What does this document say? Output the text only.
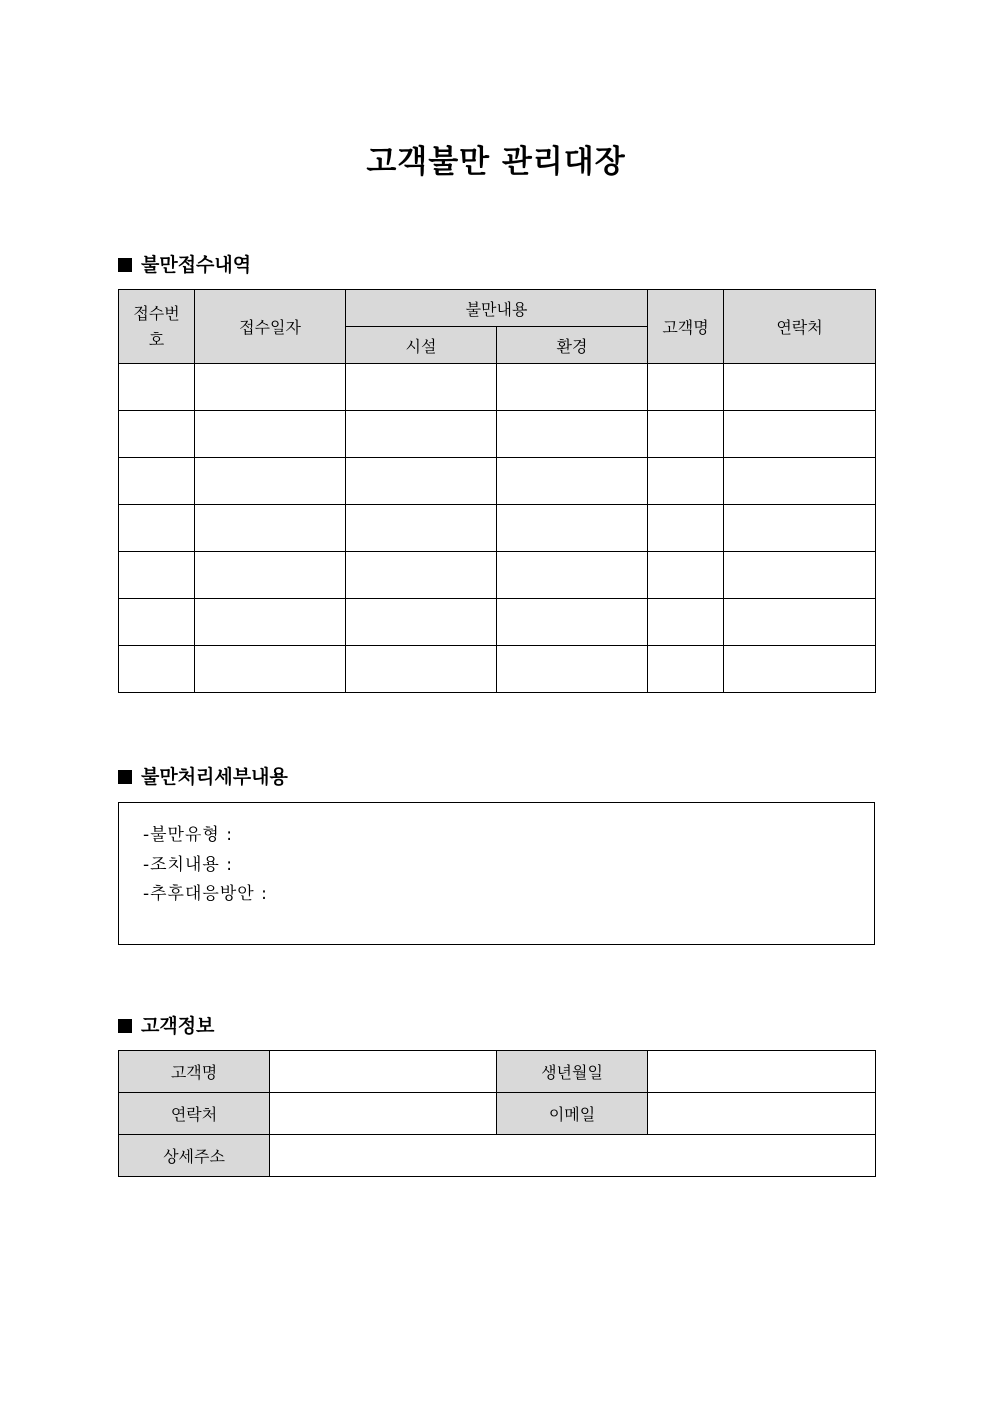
고객불만 관리대장
불만접수내역
접수번호	접수일자	불만내용		고객명	연락처
		시설	환경		

불만처리세부내용
-불만유형 :
-조치내용 :
-추후대응방안 :
고객정보
고객명		생년월일	
연락처		이메일	
상세주소			
